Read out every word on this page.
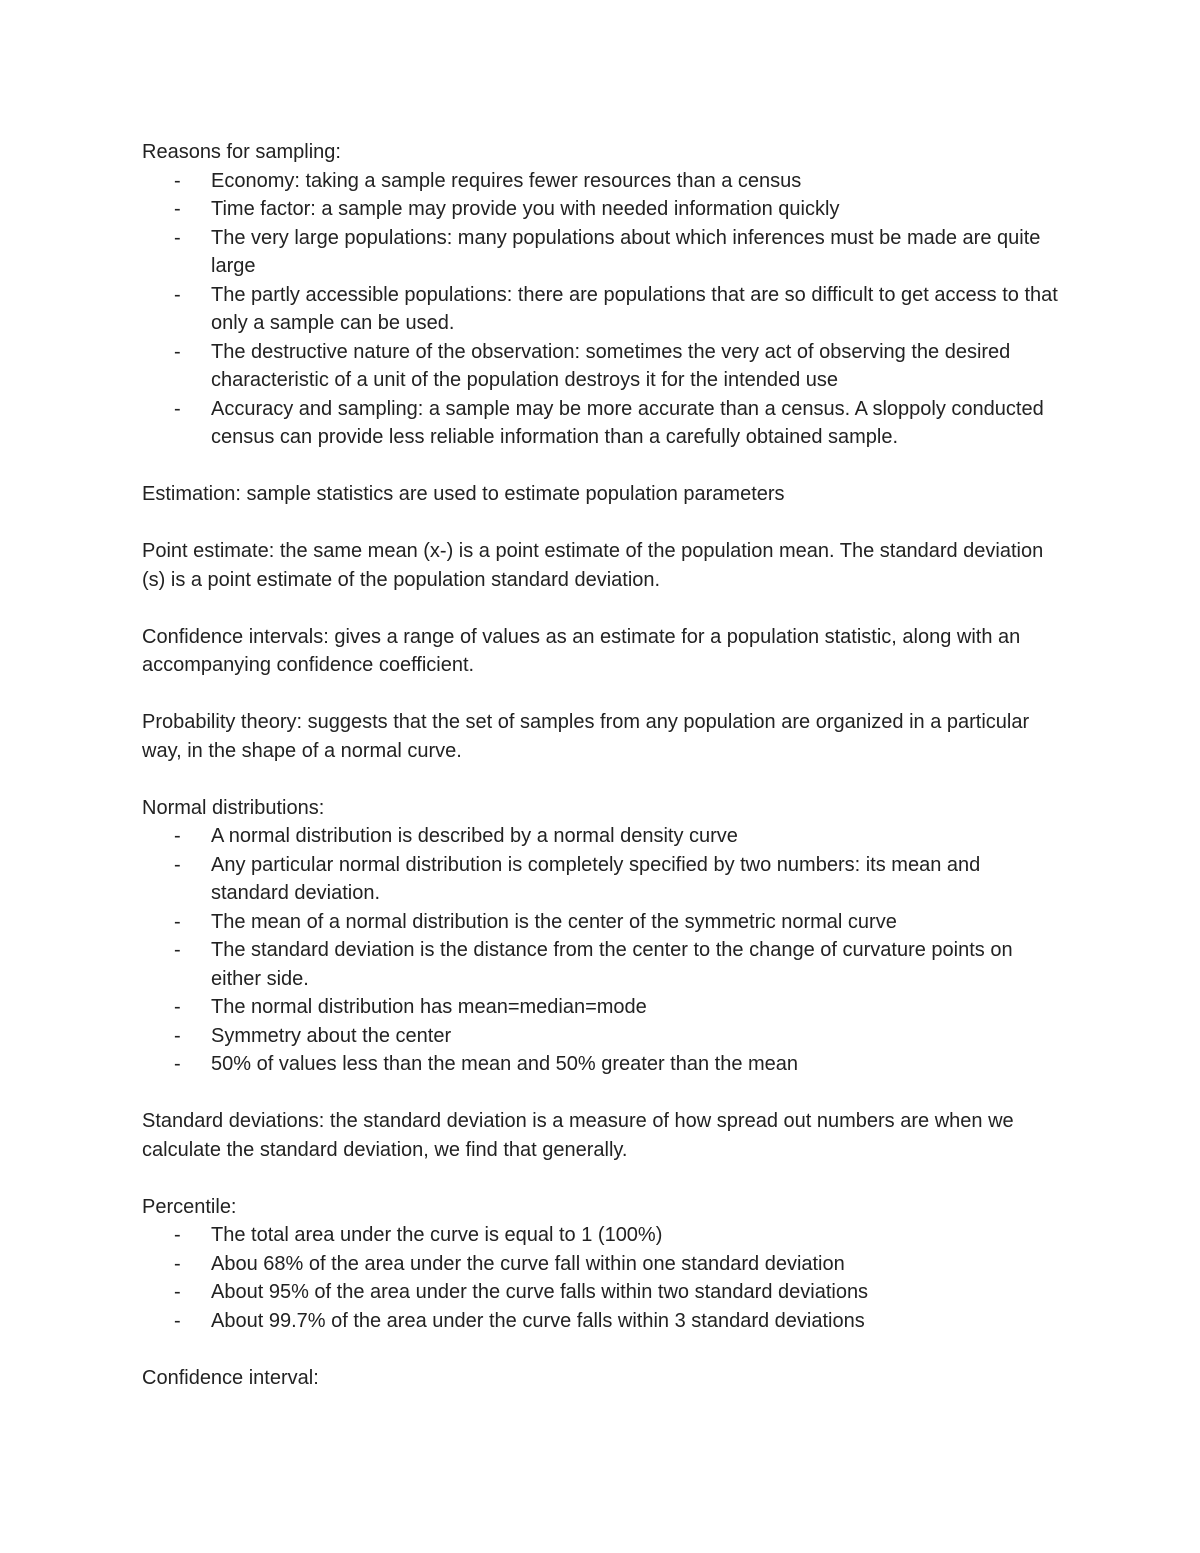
Reasons for sampling:

- Economy: taking a sample requires fewer resources than a census
- Time factor: a sample may provide you with needed information quickly
- The very large populations: many populations about which inferences must be made are quite large
- The partly accessible populations: there are populations that are so difficult to get access to that only a sample can be used.
- The destructive nature of the observation: sometimes the very act of observing the desired characteristic of a unit of the population destroys it for the intended use
- Accuracy and sampling: a sample may be more accurate than a census. A sloppoly conducted census can provide less reliable information than a carefully obtained sample.

Estimation: sample statistics are used to estimate population parameters

Point estimate: the same mean (x-) is a point estimate of the population mean. The standard deviation (s) is a point estimate of the population standard deviation.

Confidence intervals: gives a range of values as an estimate for a population statistic, along with an accompanying confidence coefficient.

Probability theory: suggests that the set of samples from any population are organized in a particular way, in the shape of a normal curve.

Normal distributions:

- A normal distribution is described by a normal density curve
- Any particular normal distribution is completely specified by two numbers: its mean and standard deviation.
- The mean of a normal distribution is the center of the symmetric normal curve
- The standard deviation is the distance from the center to the change of curvature points on either side.
- The normal distribution has mean=median=mode
- Symmetry about the center
- 50% of values less than the mean and 50% greater than the mean

Standard deviations: the standard deviation is a measure of how spread out numbers are when we calculate the standard deviation, we find that generally.

Percentile:

- The total area under the curve is equal to 1 (100%)
- Abou 68% of the area under the curve fall within one standard deviation
- About 95% of the area under the curve falls within two standard deviations
- About 99.7% of the area under the curve falls within 3 standard deviations

Confidence interval:
